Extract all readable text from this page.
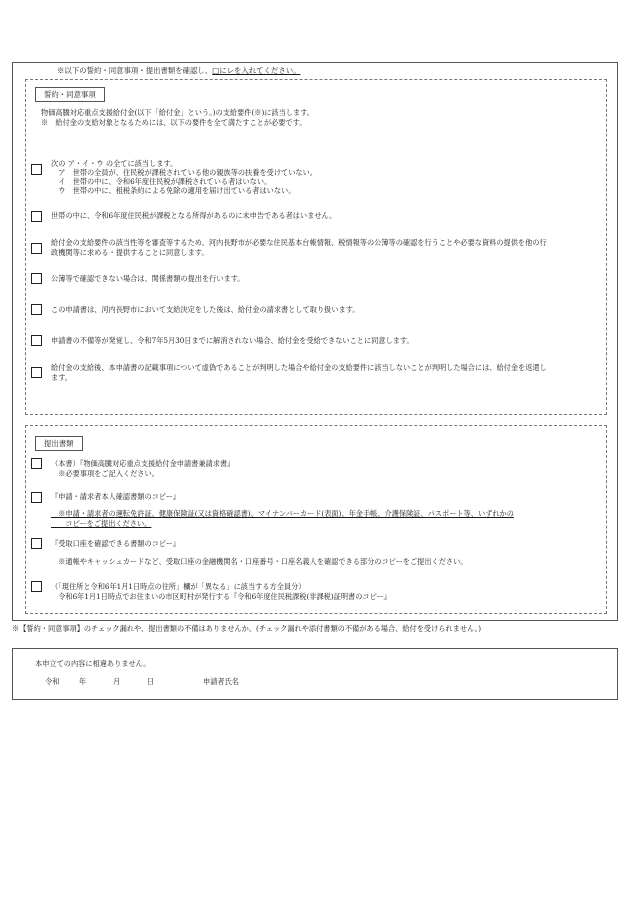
※以下の誓約・同意事項・提出書類を確認し、□にレを入れてください。
誓約・同意事項
物価高騰対応重点支援給付金(以下「給付金」という。)の支給要件(※)に該当します。
※　給付金の支給対象となるためには、以下の要件を全て満たすことが必要です。
次の ア・イ・ウ の全てに該当します。
　ア　世帯の全員が、住民税が課税されている他の親族等の扶養を受けていない。
　イ　世帯の中に、令和6年度住民税が課税されている者はいない。
　ウ　世帯の中に、租税条約による免除の適用を届け出ている者はいない。
世帯の中に、令和6年度住民税が課税となる所得があるのに未申告である者はいません。
給付金の支給要件の該当性等を審査等するため、河内長野市が必要な住民基本台帳情報、税情報等の公簿等の確認を行うことや必要な資料の提供を他の行
政機関等に求める・提供することに同意します。
公簿等で確認できない場合は、関係書類の提出を行います。
この申請書は、河内長野市において支給決定をした後は、給付金の請求書として取り扱います。
申請書の不備等が発覚し、令和7年5月30日までに解消されない場合、給付金を受給できないことに同意します。
給付金の支給後、本申請書の記載事項について虚偽であることが判明した場合や給付金の支給要件に該当しないことが判明した場合には、給付金を返還し
ます。
提出書類
（本書）『物価高騰対応重点支援給付金申請書兼請求書』
　※必要事項をご記入ください。
『申請・請求者本人確認書類のコピー』
　※申請・請求者の運転免許証、健康保険証(又は資格確認書)、マイナンバーカード(表面)、年金手帳、介護保険証、パスポート等、いずれかの
　　コピーをご提出ください。
『受取口座を確認できる書類のコピー』
　※通帳やキャッシュカードなど、受取口座の金融機関名・口座番号・口座名義人を確認できる部分のコピーをご提出ください。
（「現住所と令和6年1月1日時点の住所」欄が「異なる」に該当する方全員分）
　令和6年1月1日時点でお住まいの市区町村が発行する『令和6年度住民税課税(非課税)証明書のコピー』
※【誓約・同意事項】のチェック漏れや、提出書類の不備はありませんか。(チェック漏れや添付書類の不備がある場合、給付を受けられません。)
本申立ての内容に相違ありません。
令和	年	月	日	申請者氏名
